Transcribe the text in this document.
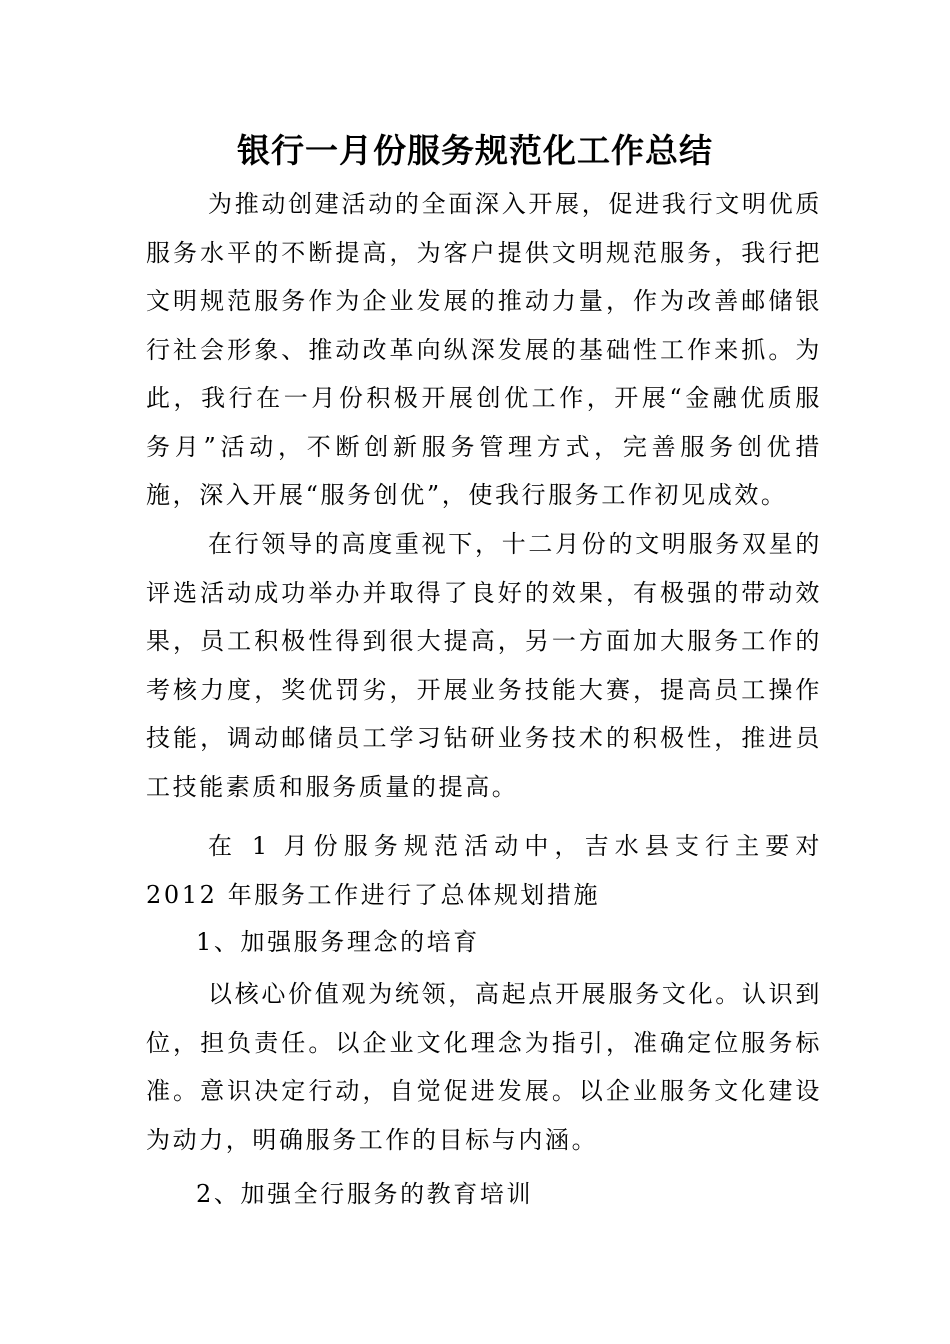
银行一月份服务规范化工作总结

为推动创建活动的全面深入开展，促进我行文明优质服务水平的不断提高，为客户提供文明规范服务，我行把文明规范服务作为企业发展的推动力量，作为改善邮储银行社会形象、推动改革向纵深发展的基础性工作来抓。为此，我行在一月份积极开展创优工作，开展“金融优质服务月”活动，不断创新服务管理方式，完善服务创优措施，深入开展“服务创优”，使我行服务工作初见成效。

在行领导的高度重视下，十二月份的文明服务双星的评选活动成功举办并取得了良好的效果，有极强的带动效果，员工积极性得到很大提高，另一方面加大服务工作的考核力度，奖优罚劣，开展业务技能大赛，提高员工操作技能，调动邮储员工学习钻研业务技术的积极性，推进员工技能素质和服务质量的提高。

在 1 月份服务规范活动中，吉水县支行主要对 2012 年服务工作进行了总体规划措施

1、加强服务理念的培育

以核心价值观为统领，高起点开展服务文化。认识到位，担负责任。以企业文化理念为指引，准确定位服务标准。意识决定行动，自觉促进发展。以企业服务文化建设为动力，明确服务工作的目标与内涵。

2、加强全行服务的教育培训
